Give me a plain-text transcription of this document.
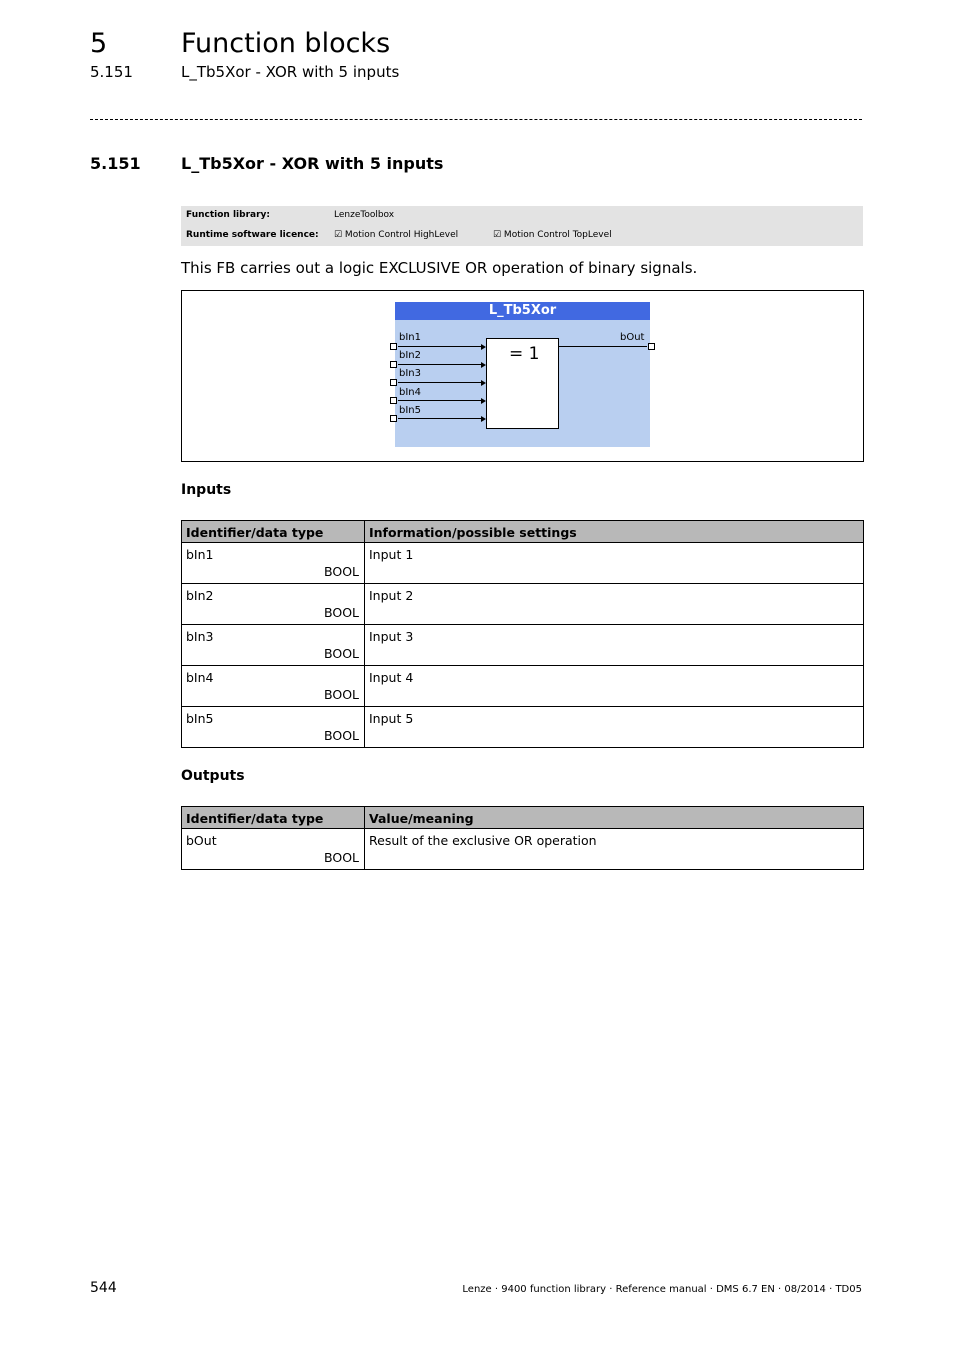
5	Function blocks
5.151	L_Tb5Xor - XOR with 5 inputs
5.151	L_Tb5Xor - XOR with 5 inputs
Function library:	LenzeToolbox
Runtime software licence: ☑ Motion Control HighLevel	☑ Motion Control TopLevel
This FB carries out a logic EXCLUSIVE OR operation of binary signals.
L_Tb5Xor
= 1
bIn1
bIn2
bIn3
bIn4
bIn5
bOut
Inputs
Identifier/data type	Information/possible settings

bIn1
BOOL	Input 1

bIn2
BOOL	Input 2

bIn3
BOOL	Input 3

bIn4
BOOL	Input 4

bIn5
BOOL	Input 5
Outputs
Identifier/data type	Value/meaning

bOut
BOOL	Result of the exclusive OR operation
544	Lenze · 9400 function library · Reference manual · DMS 6.7 EN · 08/2014 · TD05
